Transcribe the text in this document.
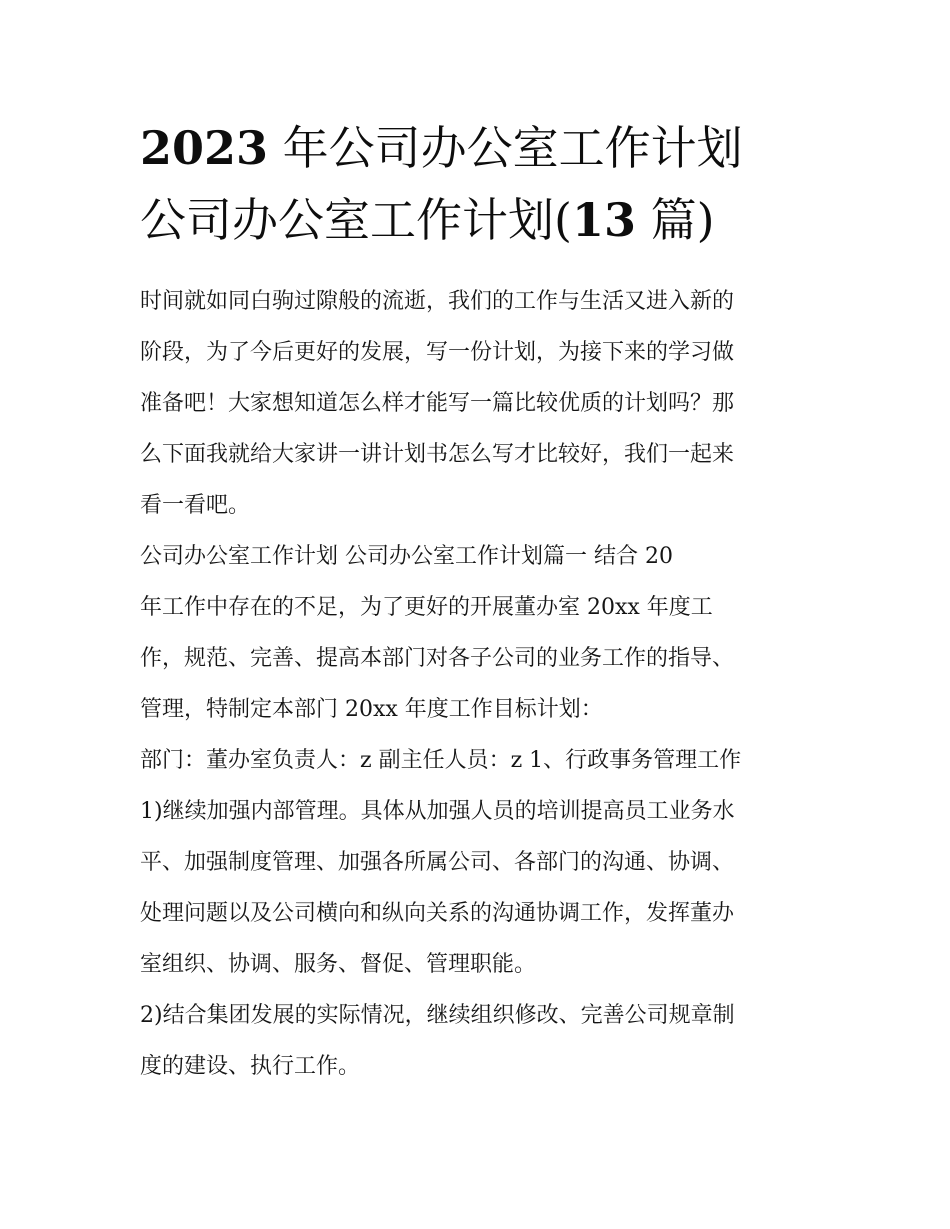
2023 年公司办公室工作计划
公司办公室工作计划(13 篇)
时间就如同白驹过隙般的流逝，我们的工作与生活又进入新的
阶段，为了今后更好的发展，写一份计划，为接下来的学习做
准备吧！大家想知道怎么样才能写一篇比较优质的计划吗？那
么下面我就给大家讲一讲计划书怎么写才比较好，我们一起来
看一看吧。
公司办公室工作计划 公司办公室工作计划篇一 结合 20
年工作中存在的不足，为了更好的开展董办室 20xx 年度工
作，规范、完善、提高本部门对各子公司的业务工作的指导、
管理，特制定本部门 20xx 年度工作目标计划：
部门：董办室负责人：z 副主任人员：z 1、行政事务管理工作
1)继续加强内部管理。具体从加强人员的培训提高员工业务水
平、加强制度管理、加强各所属公司、各部门的沟通、协调、
处理问题以及公司横向和纵向关系的沟通协调工作，发挥董办
室组织、协调、服务、督促、管理职能。
2)结合集团发展的实际情况，继续组织修改、完善公司规章制
度的建设、执行工作。
